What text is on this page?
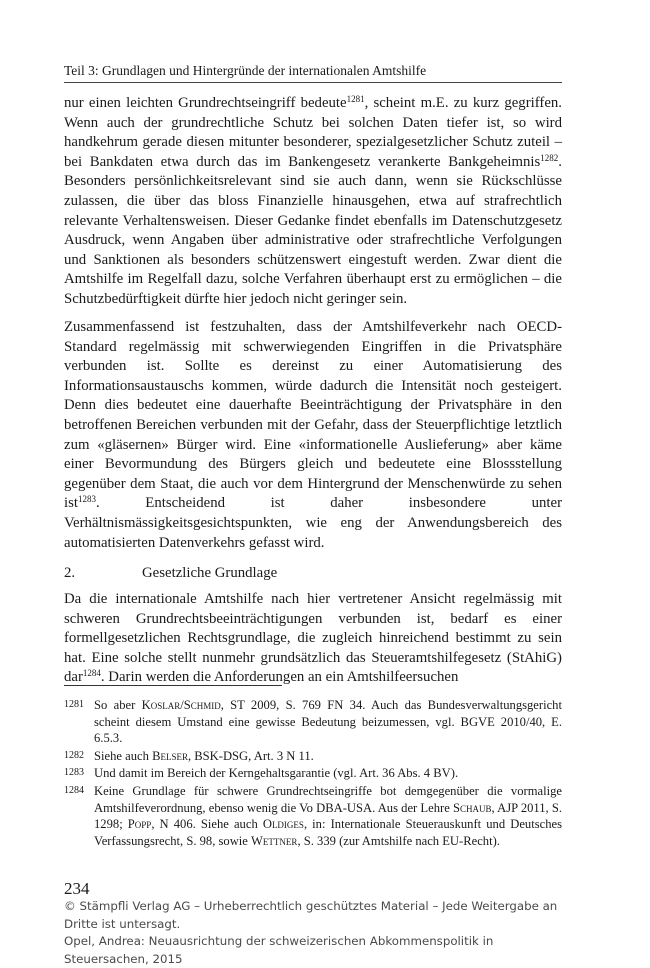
Teil 3: Grundlagen und Hintergründe der internationalen Amtshilfe
nur einen leichten Grundrechtseingriff bedeute$^{1281}$, scheint m.E. zu kurz gegriffen. Wenn auch der grundrechtliche Schutz bei solchen Daten tiefer ist, so wird handkehrum gerade diesen mitunter besonderer, spezialgesetzlicher Schutz zuteil – bei Bankdaten etwa durch das im Bankengesetz verankerte Bankgeheimnis$^{1282}$. Besonders persönlichkeitsrelevant sind sie auch dann, wenn sie Rückschlüsse zulassen, die über das bloss Finanzielle hinausgehen, etwa auf strafrechtlich relevante Verhaltensweisen. Dieser Gedanke findet ebenfalls im Datenschutzgesetz Ausdruck, wenn Angaben über administrative oder strafrechtliche Verfolgungen und Sanktionen als besonders schützenswert eingestuft werden. Zwar dient die Amtshilfe im Regelfall dazu, solche Verfahren überhaupt erst zu ermöglichen – die Schutzbedürftigkeit dürfte hier jedoch nicht geringer sein.
Zusammenfassend ist festzuhalten, dass der Amtshilfeverkehr nach OECD-Standard regelmässig mit schwerwiegenden Eingriffen in die Privatsphäre verbunden ist. Sollte es dereinst zu einer Automatisierung des Informationsaustauschs kommen, würde dadurch die Intensität noch gesteigert. Denn dies bedeutet eine dauerhafte Beeinträchtigung der Privatsphäre in den betroffenen Bereichen verbunden mit der Gefahr, dass der Steuerpflichtige letztlich zum «gläsernen» Bürger wird. Eine «informationelle Auslieferung» aber käme einer Bevormundung des Bürgers gleich und bedeutete eine Blossstellung gegenüber dem Staat, die auch vor dem Hintergrund der Menschenwürde zu sehen ist$^{1283}$. Entscheidend ist daher insbesondere unter Verhältnismässigkeitsgesichtspunkten, wie eng der Anwendungsbereich des automatisierten Datenverkehrs gefasst wird.
2.	Gesetzliche Grundlage
Da die internationale Amtshilfe nach hier vertretener Ansicht regelmässig mit schweren Grundrechtsbeeinträchtigungen verbunden ist, bedarf es einer formellgesetzlichen Rechtsgrundlage, die zugleich hinreichend bestimmt zu sein hat. Eine solche stellt nunmehr grundsätzlich das Steueramtshilfegesetz (StAhiG) dar$^{1284}$. Darin werden die Anforderungen an ein Amtshilfeersuchen
1281 So aber Koslar/Schmid, ST 2009, S. 769 FN 34. Auch das Bundesverwaltungsgericht scheint diesem Umstand eine gewisse Bedeutung beizumessen, vgl. BGVE 2010/40, E. 6.5.3.
1282 Siehe auch Belser, BSK-DSG, Art. 3 N 11.
1283 Und damit im Bereich der Kerngehaltsgarantie (vgl. Art. 36 Abs. 4 BV).
1284 Keine Grundlage für schwere Grundrechtseingriffe bot demgegenüber die vormalige Amtshilfeverordnung, ebenso wenig die Vo DBA-USA. Aus der Lehre Schaub, AJP 2011, S. 1298; Popp, N 406. Siehe auch Oldiges, in: Internationale Steuerauskunft und Deutsches Verfassungsrecht, S. 98, sowie Wettner, S. 339 (zur Amtshilfe nach EU-Recht).
234
© Stämpfli Verlag AG – Urheberrechtlich geschütztes Material – Jede Weitergabe an Dritte ist untersagt.
Opel, Andrea: Neuausrichtung der schweizerischen Abkommenspolitik in Steuersachen, 2015
